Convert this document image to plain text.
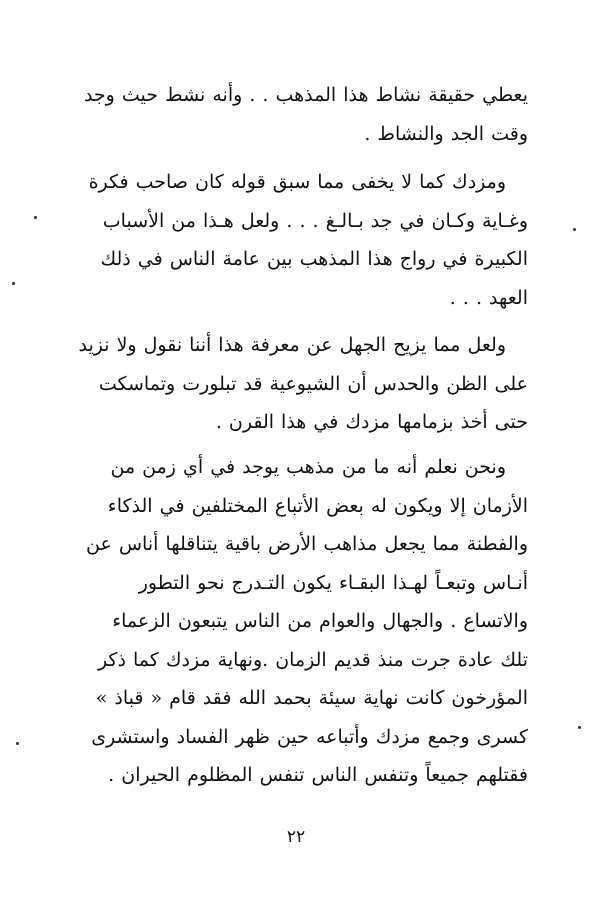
يعطي حقيقة نشاط هذا المذهب . . وأنه نشط حيث وجد
وقت الجد والنشاط .
ومزدك كما لا يخفى مما سبق قوله كان صاحب فكرة
وغـاية وكـان في جد بـالـغ . . . ولعل هـذا من الأسباب
الكبيرة في رواج هذا المذهب بين عامة الناس في ذلك
العهد . . .
ولعل مما يزيح الجهل عن معرفة هذا أننا نقول ولا نزيد
على الظن والحدس أن الشيوعية قد تبلورت وتماسكت
حتى أخذ بزمامها مزدك في هذا القرن .
ونحن نعلم أنه ما من مذهب يوجد في أي زمن من
الأزمان إلا ويكون له بعض الأتباع المختلفين في الذكاء
والفطنة مما يجعل مذاهب الأرض باقية يتناقلها أناس عن
أنـاس وتبعـاً لهـذا البقـاء يكون التـدرج نحو التطور
والاتساع . والجهال والعوام من الناس يتبعون الزعماء
تلك عادة جرت منذ قديم الزمان .ونهاية مزدك كما ذكر
المؤرخون كانت نهاية سيئة بحمد الله فقد قام « قباذ »
كسرى وجمع مزدك وأتباعه حين ظهر الفساد واستشرى
فقتلهم جميعاً وتنفس الناس تنفس المظلوم الحيران .
٢٢
